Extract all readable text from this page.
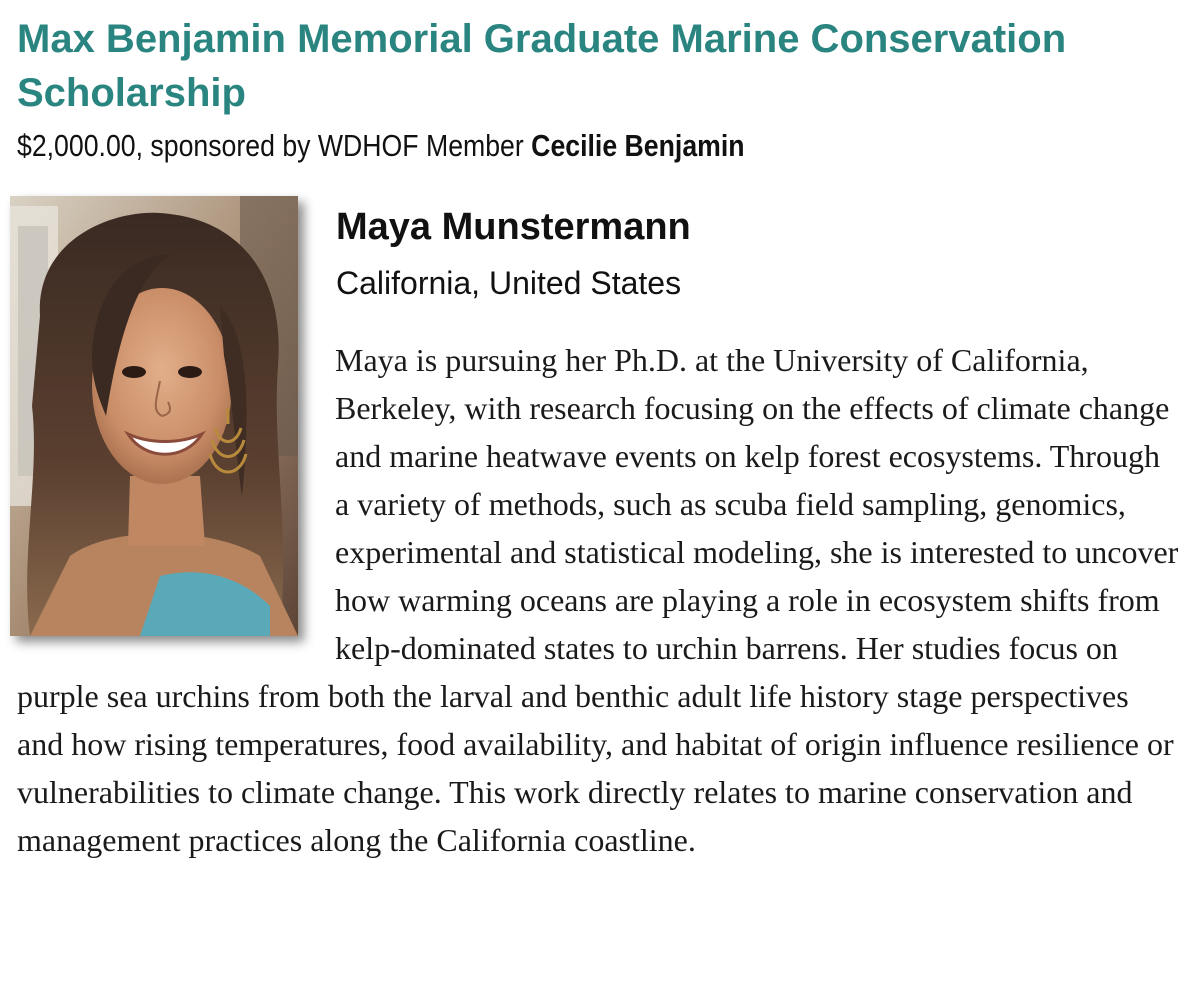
Max Benjamin Memorial Graduate Marine Conservation Scholarship

$2,000.00, sponsored by WDHOF Member Cecilie Benjamin

Maya Munstermann

California, United States

Maya is pursuing her Ph.D. at the University of California, Berkeley, with research focusing on the effects of climate change and marine heatwave events on kelp forest ecosystems. Through a variety of methods, such as scuba field sampling, genomics, experimental and statistical modeling, she is interested to uncover how warming oceans are playing a role in ecosystem shifts from kelp-dominated states to urchin barrens. Her studies focus on purple sea urchins from both the larval and benthic adult life history stage perspectives and how rising temperatures, food availability, and habitat of origin influence resilience or vulnerabilities to climate change. This work directly relates to marine conservation and management practices along the California coastline.
